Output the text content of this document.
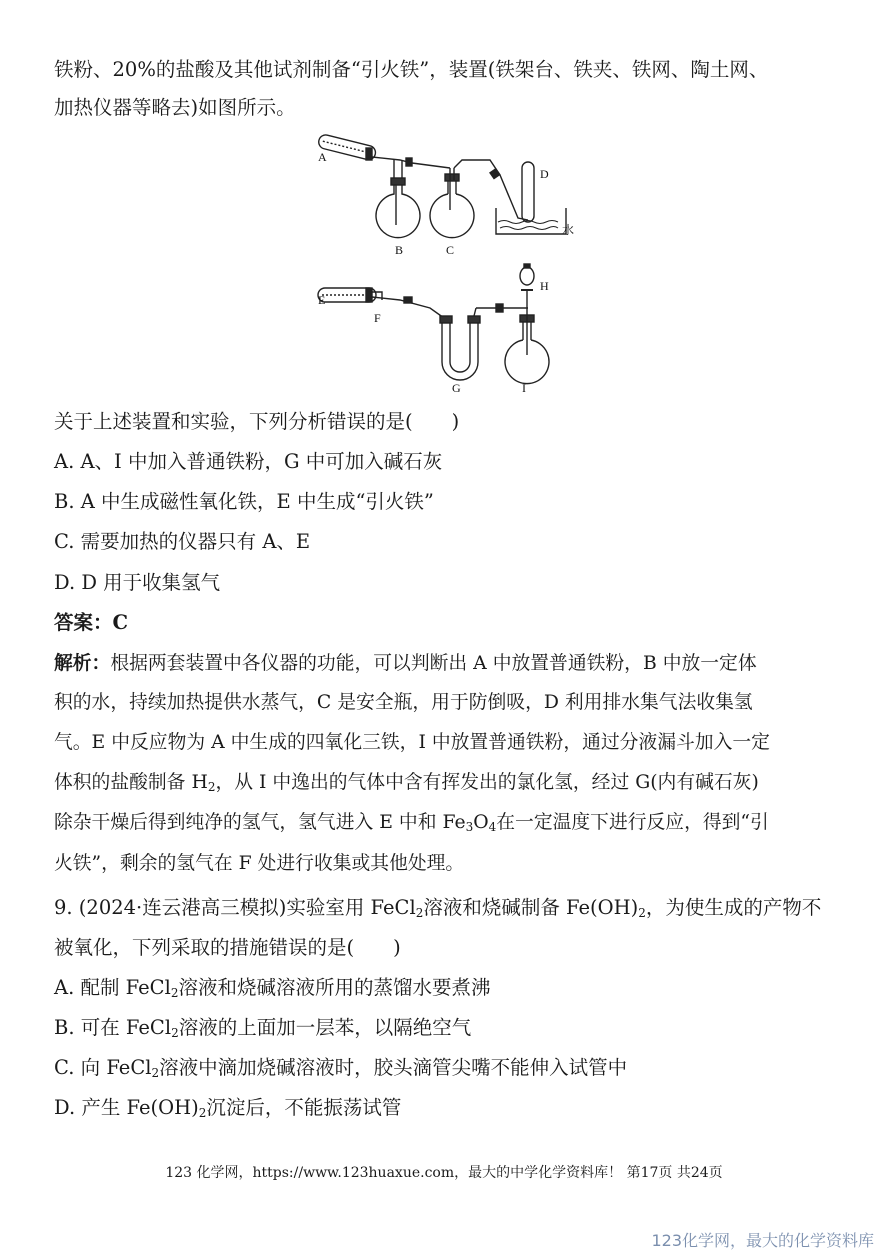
铁粉、20%的盐酸及其他试剂制备“引火铁”，装置(铁架台、铁夹、铁网、陶土网、
加热仪器等略去)如图所示。
A
B	C
D
水
E
F
G
H
I
关于上述装置和实验，下列分析错误的是(　　)
A. A、I 中加入普通铁粉，G 中可加入碱石灰
B. A 中生成磁性氧化铁，E 中生成“引火铁”
C. 需要加热的仪器只有 A、E
D. D 用于收集氢气
答案：C
解析：根据两套装置中各仪器的功能，可以判断出 A 中放置普通铁粉，B 中放一定体
积的水，持续加热提供水蒸气，C 是安全瓶，用于防倒吸，D 利用排水集气法收集氢
气。E 中反应物为 A 中生成的四氧化三铁，I 中放置普通铁粉，通过分液漏斗加入一定
体积的盐酸制备 $H_2$，从 I 中逸出的气体中含有挥发出的氯化氢，经过 G(内有碱石灰)
除杂干燥后得到纯净的氢气，氢气进入 E 中和 $Fe_3O_4$在一定温度下进行反应，得到“引
火铁”，剩余的氢气在 F 处进行收集或其他处理。
9. (2024·连云港高三模拟)实验室用 FeCl$_2$溶液和烧碱制备 $Fe(OH)_2$，为使生成的产物不
被氧化，下列采取的措施错误的是(　　)
A. 配制 FeCl$_2$溶液和烧碱溶液所用的蒸馏水要煮沸
B. 可在 FeCl$_2$溶液的上面加一层苯，以隔绝空气
C. 向 FeCl$_2$溶液中滴加烧碱溶液时，胶头滴管尖嘴不能伸入试管中
D. 产生 $Fe(OH)_2$沉淀后，不能振荡试管
123 化学网，https://www.123huaxue.com，最大的中学化学资料库！ 第17页 共24页
123化学网，最大的化学资料库
